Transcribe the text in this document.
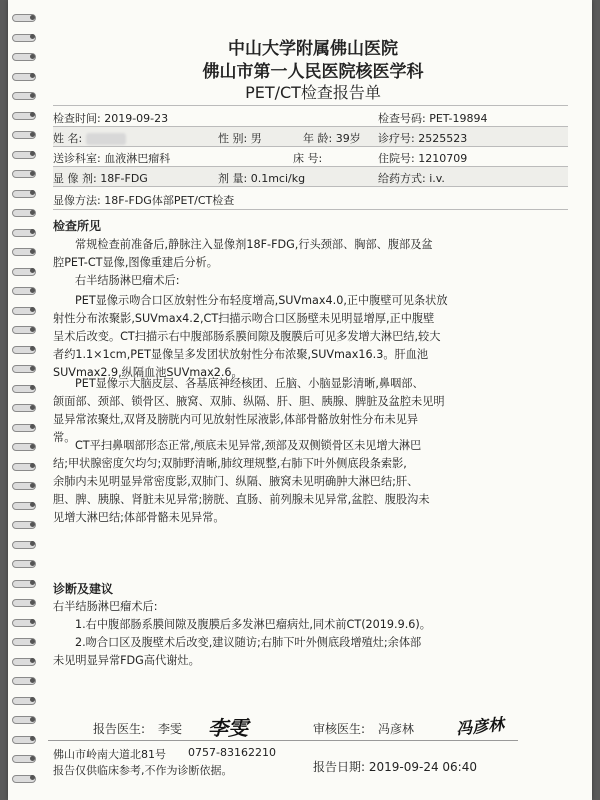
中山大学附属佛山医院
佛山市第一人民医院核医学科
PET/CT检查报告单
检查时间: 2019-09-23	检查号码: PET-19894
姓 名:	性 别: 男	年 龄: 39岁 诊疗号: 2525523
送诊科室: 血液淋巴瘤科	床 号:	住院号: 1210709
显 像 剂: 18F-FDG	剂 量: 0.1mci/kg	给药方式: i.v.
显像方法: 18F-FDG体部PET/CT检查
检查所见
常规检查前准备后,静脉注入显像剂18F-FDG,行头颈部、胸部、腹部及盆
腔PET-CT显像,图像重建后分析。
右半结肠淋巴瘤术后:
PET显像示吻合口区放射性分布轻度增高,SUVmax4.0,正中腹壁可见条状放
射性分布浓聚影,SUVmax4.2,CT扫描示吻合口区肠壁未见明显增厚,正中腹壁
呈术后改变。CT扫描示右中腹部肠系膜间隙及腹膜后可见多发增大淋巴结,较大
者约1.1×1cm,PET显像呈多发团状放射性分布浓聚,SUVmax16.3。肝血池
SUVmax2.9,纵隔血池SUVmax2.6。
PET显像示大脑皮层、各基底神经核团、丘脑、小脑显影清晰,鼻咽部、
颌面部、颈部、锁骨区、腋窝、双肺、纵隔、肝、胆、胰腺、脾脏及盆腔未见明
显异常浓聚灶,双肾及膀胱内可见放射性尿液影,体部骨骼放射性分布未见异
常。
CT平扫鼻咽部形态正常,颅底未见异常,颈部及双侧锁骨区未见增大淋巴
结;甲状腺密度欠均匀;双肺野清晰,肺纹理规整,右肺下叶外侧底段条索影,
余肺内未见明显异常密度影,双肺门、纵隔、腋窝未见明确肿大淋巴结;肝、
胆、脾、胰腺、肾脏未见异常;膀胱、直肠、前列腺未见异常,盆腔、腹股沟未
见增大淋巴结;体部骨骼未见异常。
诊断及建议
右半结肠淋巴瘤术后:
1.右中腹部肠系膜间隙及腹膜后多发淋巴瘤病灶,同术前CT(2019.9.6)。
2.吻合口区及腹壁术后改变,建议随访;右肺下叶外侧底段增殖灶;余体部
未见明显异常FDG高代谢灶。
报告医生: 李雯 李雯	审核医生: 冯彦林	冯彦林
佛山市岭南大道北81号 0757-83162210
报告仅供临床参考,不作为诊断依据。	报告日期: 2019-09-24 06:40
